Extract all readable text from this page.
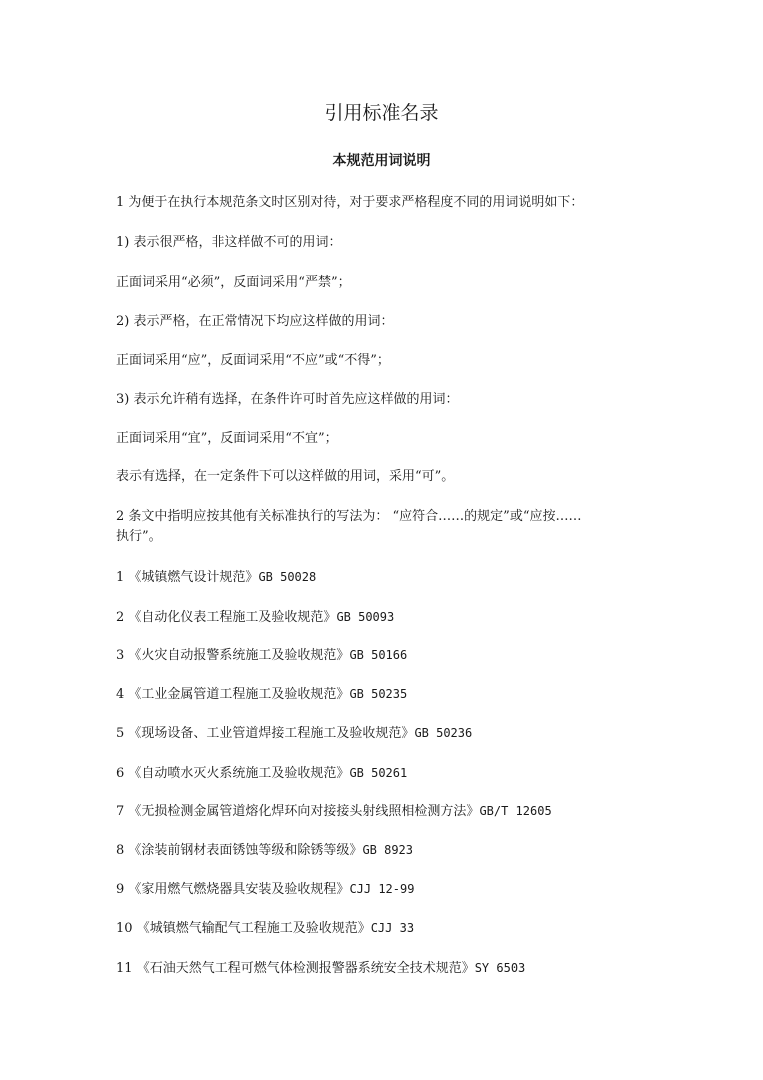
引用标准名录
本规范用词说明
1 为便于在执行本规范条文时区别对待，对于要求严格程度不同的用词说明如下：
1) 表示很严格，非这样做不可的用词：
正面词采用“必须”，反面词采用“严禁”；
2) 表示严格，在正常情况下均应这样做的用词：
正面词采用“应”，反面词采用“不应”或“不得”；
3) 表示允许稍有选择，在条件许可时首先应这样做的用词：
正面词采用“宜”，反面词采用“不宜”；
表示有选择，在一定条件下可以这样做的用词，采用“可”。
2 条文中指明应按其他有关标准执行的写法为： “应符合……的规定”或“应按……
执行”。
1 《城镇燃气设计规范》GB 50028
2 《自动化仪表工程施工及验收规范》GB 50093
3 《火灾自动报警系统施工及验收规范》GB 50166
4 《工业金属管道工程施工及验收规范》GB 50235
5 《现场设备、工业管道焊接工程施工及验收规范》GB 50236
6 《自动喷水灭火系统施工及验收规范》GB 50261
7 《无损检测金属管道熔化焊环向对接接头射线照相检测方法》GB/T 12605
8 《涂装前钢材表面锈蚀等级和除锈等级》GB 8923
9 《家用燃气燃烧器具安装及验收规程》CJJ 12-99
10 《城镇燃气输配气工程施工及验收规范》CJJ 33
11 《石油天然气工程可燃气体检测报警器系统安全技术规范》SY 6503
